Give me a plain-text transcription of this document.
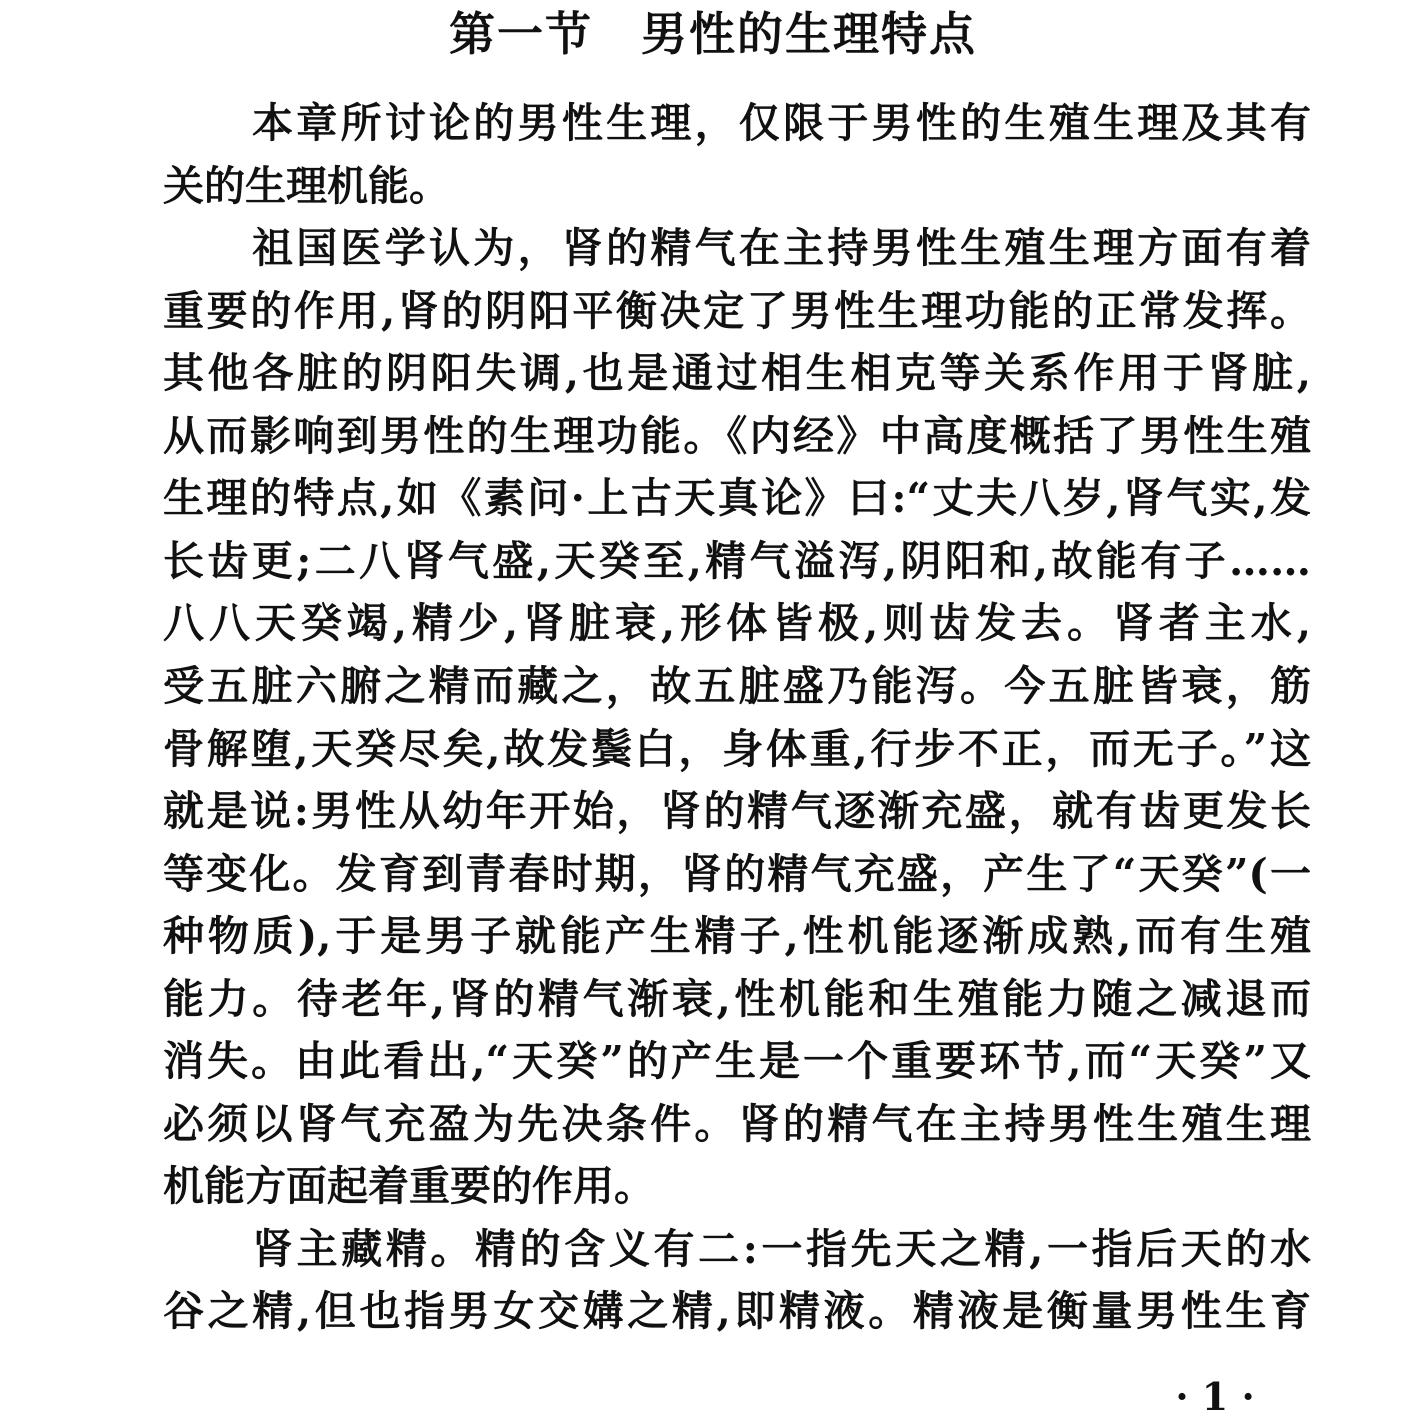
第一节　男性的生理特点
本章所讨论的男性生理，仅限于男性的生殖生理及其有
关的生理机能。
祖国医学认为，肾的精气在主持男性生殖生理方面有着
重要的作用,肾的阴阳平衡决定了男性生理功能的正常发挥。
其他各脏的阴阳失调,也是通过相生相克等关系作用于肾脏,
从而影响到男性的生理功能。《内经》中高度概括了男性生殖
生理的特点,如《素问·上古天真论》曰:“丈夫八岁,肾气实,发
长齿更;二八肾气盛,天癸至,精气溢泻,阴阳和,故能有子……
八八天癸竭,精少,肾脏衰,形体皆极,则齿发去。肾者主水,
受五脏六腑之精而藏之，故五脏盛乃能泻。今五脏皆衰，筋
骨解堕,天癸尽矣,故发鬓白，身体重,行步不正，而无子。”这
就是说:男性从幼年开始，肾的精气逐渐充盛，就有齿更发长
等变化。发育到青春时期，肾的精气充盛，产生了“天癸”(一
种物质),于是男子就能产生精子,性机能逐渐成熟,而有生殖
能力。待老年,肾的精气渐衰,性机能和生殖能力随之减退而
消失。由此看出,“天癸”的产生是一个重要环节,而“天癸”又
必须以肾气充盈为先决条件。肾的精气在主持男性生殖生理
机能方面起着重要的作用。
肾主藏精。精的含义有二:一指先天之精,一指后天的水
谷之精,但也指男女交媾之精,即精液。精液是衡量男性生育
· 1 ·
